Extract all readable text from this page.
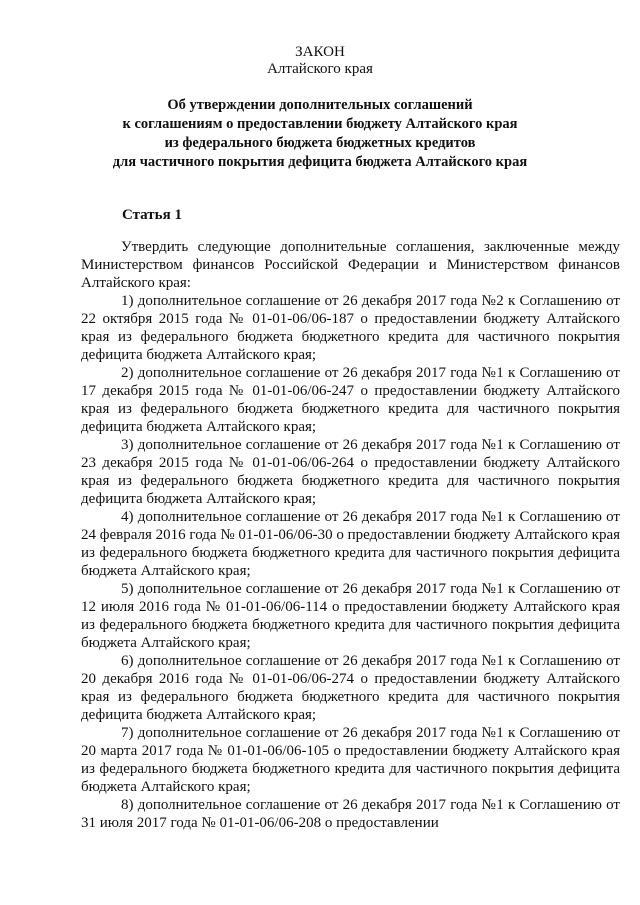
ЗАКОН
Алтайского края
Об утверждении дополнительных соглашений
к соглашениям о предоставлении бюджету Алтайского края
из федерального бюджета бюджетных кредитов
для частичного покрытия дефицита бюджета Алтайского края
Статья 1

Утвердить следующие дополнительные соглашения, заключенные между Министерством финансов Российской Федерации и Министерством финансов Алтайского края:

1) дополнительное соглашение от 26 декабря 2017 года №2 к Соглашению от 22 октября 2015 года № 01-01-06/06-187 о предоставлении бюджету Алтайского края из федерального бюджета бюджетного кредита для частичного покрытия дефицита бюджета Алтайского края;

2) дополнительное соглашение от 26 декабря 2017 года №1 к Соглашению от 17 декабря 2015 года № 01-01-06/06-247 о предоставлении бюджету Алтайского края из федерального бюджета бюджетного кредита для частичного покрытия дефицита бюджета Алтайского края;

3) дополнительное соглашение от 26 декабря 2017 года №1 к Соглашению от 23 декабря 2015 года № 01-01-06/06-264 о предоставлении бюджету Алтайского края из федерального бюджета бюджетного кредита для частичного покрытия дефицита бюджета Алтайского края;

4) дополнительное соглашение от 26 декабря 2017 года №1 к Соглашению от 24 февраля 2016 года № 01-01-06/06-30 о предоставлении бюджету Алтайского края из федерального бюджета бюджетного кредита для частичного покрытия дефицита бюджета Алтайского края;

5) дополнительное соглашение от 26 декабря 2017 года №1 к Соглашению от 12 июля 2016 года № 01-01-06/06-114 о предоставлении бюджету Алтайского края из федерального бюджета бюджетного кредита для частичного покрытия дефицита бюджета Алтайского края;

6) дополнительное соглашение от 26 декабря 2017 года №1 к Соглашению от 20 декабря 2016 года № 01-01-06/06-274 о предоставлении бюджету Алтайского края из федерального бюджета бюджетного кредита для частичного покрытия дефицита бюджета Алтайского края;

7) дополнительное соглашение от 26 декабря 2017 года №1 к Соглашению от 20 марта 2017 года № 01-01-06/06-105 о предоставлении бюджету Алтайского края из федерального бюджета бюджетного кредита для частичного покрытия дефицита бюджета Алтайского края;

8) дополнительное соглашение от 26 декабря 2017 года №1 к Соглашению от 31 июля 2017 года № 01-01-06/06-208 о предоставлении
